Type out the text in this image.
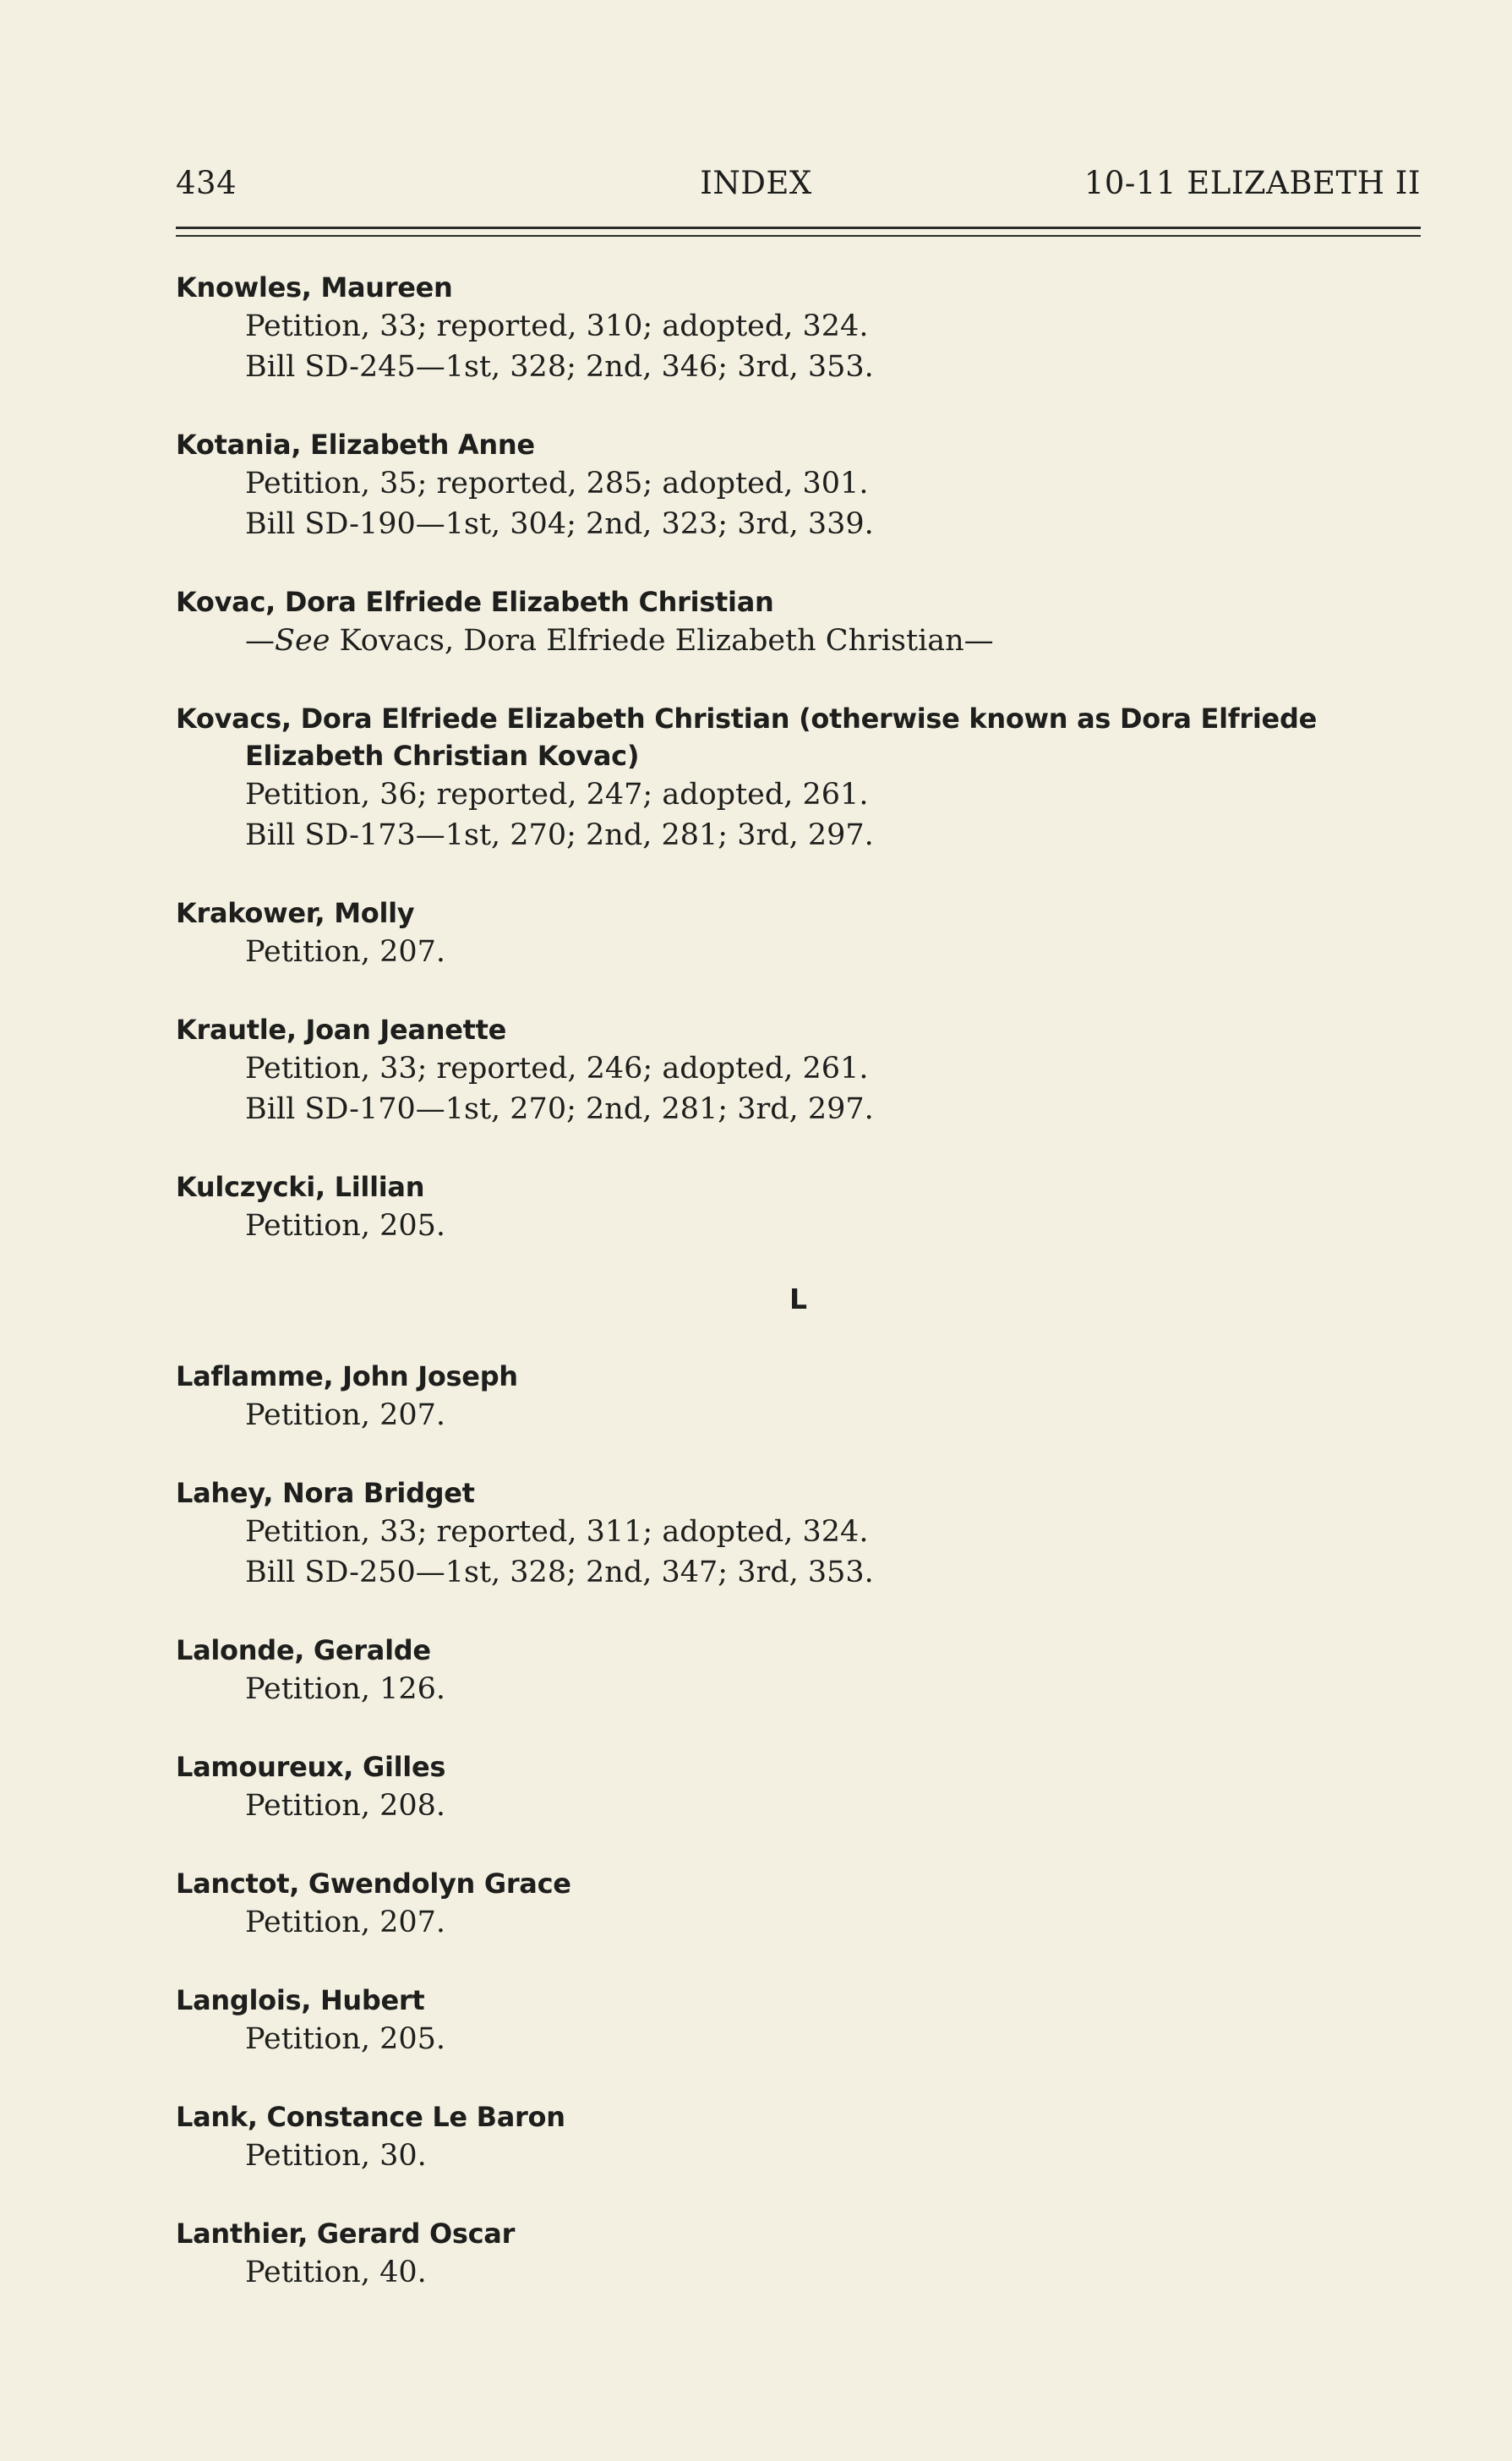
434	INDEX	10-11 ELIZABETH II
Knowles, Maureen
Petition, 33; reported, 310; adopted, 324.
Bill SD-245—1st, 328; 2nd, 346; 3rd, 353.
Kotania, Elizabeth Anne
Petition, 35; reported, 285; adopted, 301.
Bill SD-190—1st, 304; 2nd, 323; 3rd, 339.
Kovac, Dora Elfriede Elizabeth Christian
—See Kovacs, Dora Elfriede Elizabeth Christian—
Kovacs, Dora Elfriede Elizabeth Christian (otherwise known as Dora Elfriede Elizabeth Christian Kovac)
Petition, 36; reported, 247; adopted, 261.
Bill SD-173—1st, 270; 2nd, 281; 3rd, 297.
Krakower, Molly
Petition, 207.
Krautle, Joan Jeanette
Petition, 33; reported, 246; adopted, 261.
Bill SD-170—1st, 270; 2nd, 281; 3rd, 297.
Kulczycki, Lillian
Petition, 205.
L
Laflamme, John Joseph
Petition, 207.
Lahey, Nora Bridget
Petition, 33; reported, 311; adopted, 324.
Bill SD-250—1st, 328; 2nd, 347; 3rd, 353.
Lalonde, Geralde
Petition, 126.
Lamoureux, Gilles
Petition, 208.
Lanctot, Gwendolyn Grace
Petition, 207.
Langlois, Hubert
Petition, 205.
Lank, Constance Le Baron
Petition, 30.
Lanthier, Gerard Oscar
Petition, 40.
